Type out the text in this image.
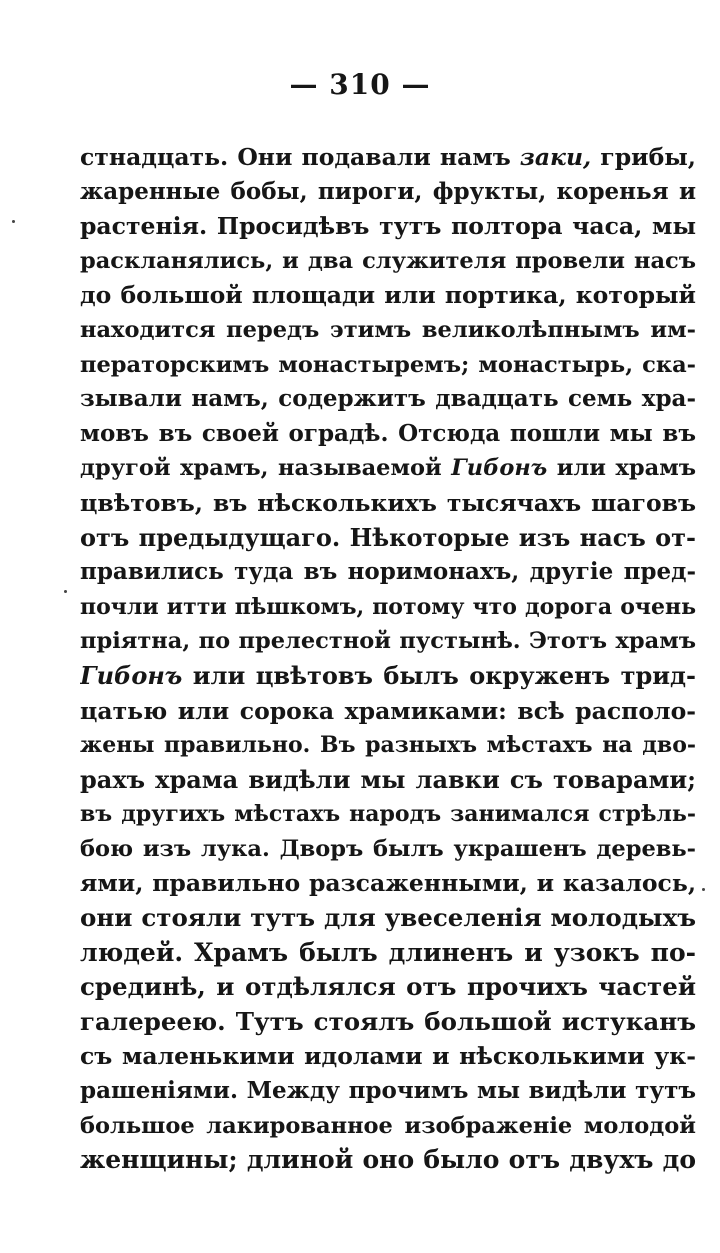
— 310 —
стнадцать. Они подавали намъ заки, грибы,
жаренные бобы, пироги, фрукты, коренья и
растенія. Просидѣвъ тутъ полтора часа, мы
раскланялись, и два служителя провели насъ
до большой площади или портика, который
находится передъ этимъ великолѣпнымъ им-
ператорскимъ монастыремъ; монастырь, ска-
зывали намъ, содержитъ двадцать семь хра-
мовъ въ своей оградѣ. Отсюда пошли мы въ
другой храмъ, называемой Гибонъ или храмъ
цвѣтовъ, въ нѣсколькихъ тысячахъ шаговъ
отъ предыдущаго. Нѣкоторые изъ насъ от-
правились туда въ норимонахъ, другіе пред-
почли итти пѣшкомъ, потому что дорога очень
пріятна, по прелестной пустынѣ. Этотъ храмъ
Гибонъ или цвѣтовъ былъ окруженъ трид-
цатью или сорока храмиками: всѣ располо-
жены правильно. Въ разныхъ мѣстахъ на дво-
рахъ храма видѣли мы лавки съ товарами;
въ другихъ мѣстахъ народъ занимался стрѣль-
бою изъ лука. Дворъ былъ украшенъ деревь-
ями, правильно разсаженными, и казалось,
они стояли тутъ для увеселенія молодыхъ
людей. Храмъ былъ длиненъ и узокъ по-
срединѣ, и отдѣлялся отъ прочихъ частей
галереею. Тутъ стоялъ большой истуканъ
съ маленькими идолами и нѣсколькими ук-
рашеніями. Между прочимъ мы видѣли тутъ
большое лакированное изображеніе молодой
женщины; длиной оно было отъ двухъ до
